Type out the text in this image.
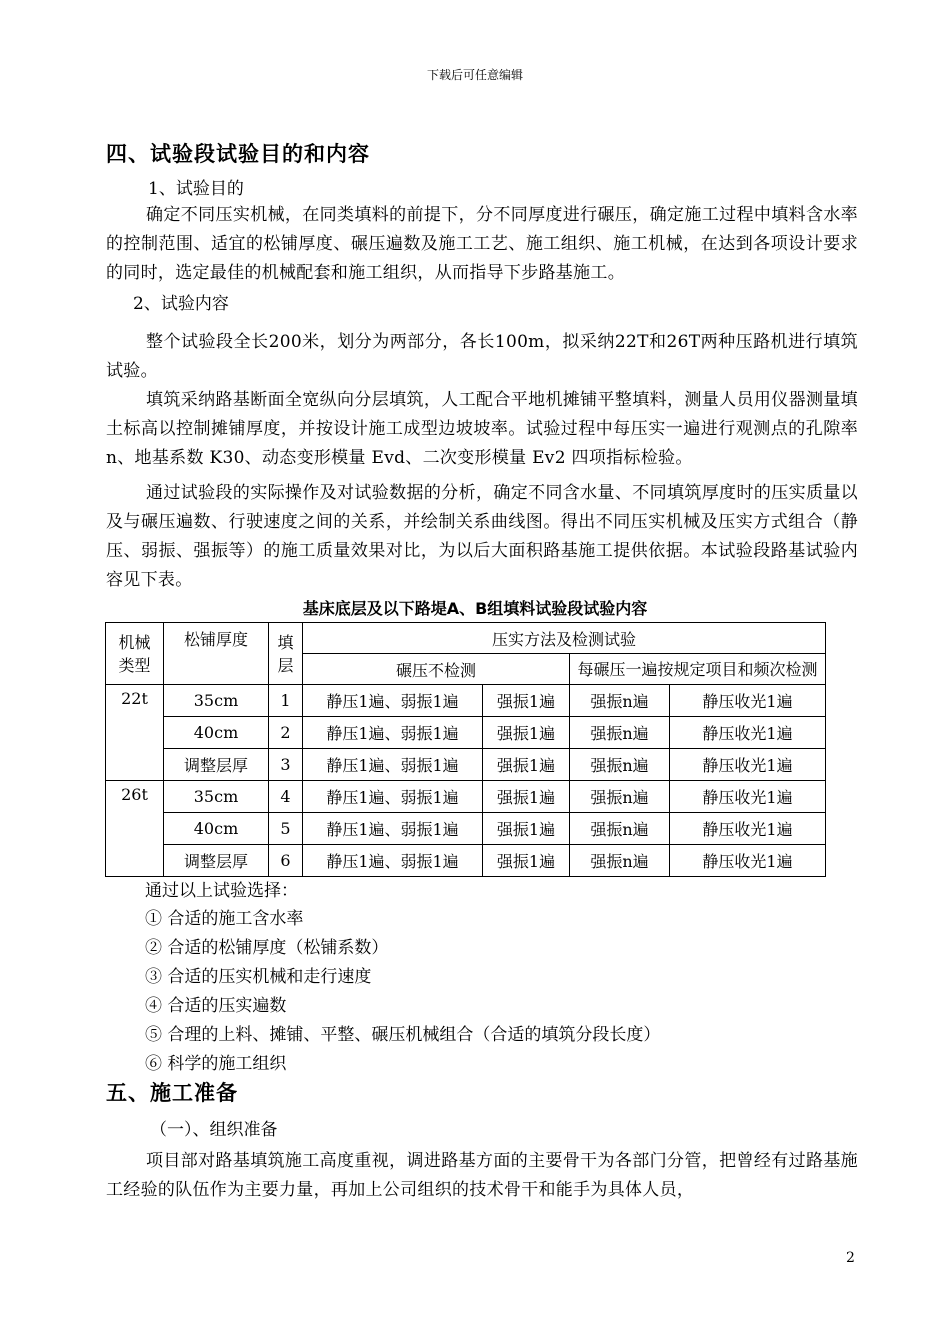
下载后可任意编辑
四、试验段试验目的和内容
1、试验目的
确定不同压实机械，在同类填料的前提下，分不同厚度进行碾压，确定施工过程中填料含水率的控制范围、适宜的松铺厚度、碾压遍数及施工工艺、施工组织、施工机械，在达到各项设计要求的同时，选定最佳的机械配套和施工组织，从而指导下步路基施工。
2、试验内容
整个试验段全长200米，划分为两部分，各长100m，拟采纳22T和26T两种压路机进行填筑试验。
填筑采纳路基断面全宽纵向分层填筑，人工配合平地机摊铺平整填料，测量人员用仪器测量填土标高以控制摊铺厚度，并按设计施工成型边坡坡率。试验过程中每压实一遍进行观测点的孔隙率 n、地基系数 K30、动态变形模量 Evd、二次变形模量 Ev2 四项指标检验。
通过试验段的实际操作及对试验数据的分析，确定不同含水量、不同填筑厚度时的压实质量以及与碾压遍数、行驶速度之间的关系，并绘制关系曲线图。得出不同压实机械及压实方式组合（静压、弱振、强振等）的施工质量效果对比，为以后大面积路基施工提供依据。本试验段路基试验内容见下表。
基床底层及以下路堤A、B组填料试验段试验内容
机械类型	松铺厚度	填层	压实方法及检测试验			
			碾压不检测		每碾压一遍按规定项目和频次检测	

22t	35cm	1	静压1遍、弱振1遍	强振1遍	强振n遍	静压收光1遍
	40cm	2	静压1遍、弱振1遍	强振1遍	强振n遍	静压收光1遍
	调整层厚	3	静压1遍、弱振1遍	强振1遍	强振n遍	静压收光1遍
26t	35cm	4	静压1遍、弱振1遍	强振1遍	强振n遍	静压收光1遍
	40cm	5	静压1遍、弱振1遍	强振1遍	强振n遍	静压收光1遍
	调整层厚	6	静压1遍、弱振1遍	强振1遍	强振n遍	静压收光1遍
通过以上试验选择：
① 合适的施工含水率
② 合适的松铺厚度（松铺系数）
③ 合适的压实机械和走行速度
④ 合适的压实遍数
⑤ 合理的上料、摊铺、平整、碾压机械组合（合适的填筑分段长度）
⑥ 科学的施工组织
五、施工准备
（一）、组织准备
项目部对路基填筑施工高度重视，调进路基方面的主要骨干为各部门分管，把曾经有过路基施工经验的队伍作为主要力量，再加上公司组织的技术骨干和能手为具体人员，
2
